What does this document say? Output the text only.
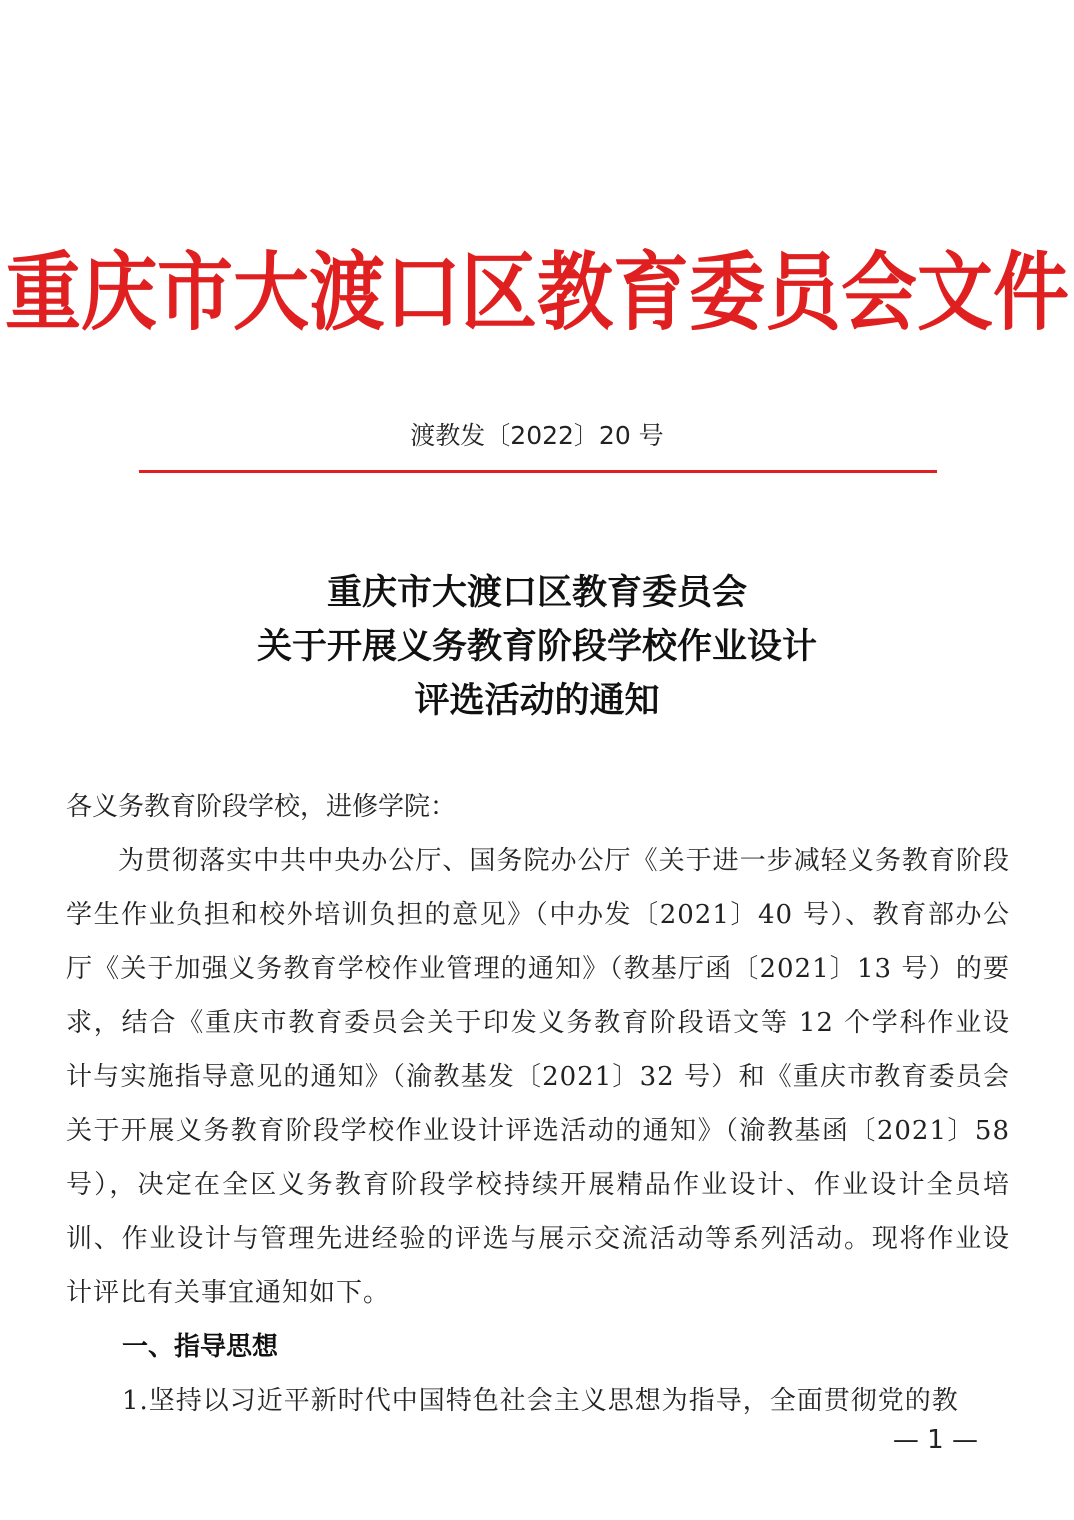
重庆市大渡口区教育委员会文件
渡教发〔2022〕20 号
重庆市大渡口区教育委员会
关于开展义务教育阶段学校作业设计
评选活动的通知
各义务教育阶段学校，进修学院：
为贯彻落实中共中央办公厅、国务院办公厅《关于进一步减轻义务教育阶段学生作业负担和校外培训负担的意见》（中办发〔2021〕40 号）、教育部办公厅《关于加强义务教育学校作业管理的通知》（教基厅函〔2021〕13 号）的要求，结合《重庆市教育委员会关于印发义务教育阶段语文等 12 个学科作业设计与实施指导意见的通知》（渝教基发〔2021〕32 号）和《重庆市教育委员会关于开展义务教育阶段学校作业设计评选活动的通知》（渝教基函〔2021〕58 号），决定在全区义务教育阶段学校持续开展精品作业设计、作业设计全员培训、作业设计与管理先进经验的评选与展示交流活动等系列活动。现将作业设计评比有关事宜通知如下。
一、指导思想
1.坚持以习近平新时代中国特色社会主义思想为指导，全面贯彻党的教
— 1 —
